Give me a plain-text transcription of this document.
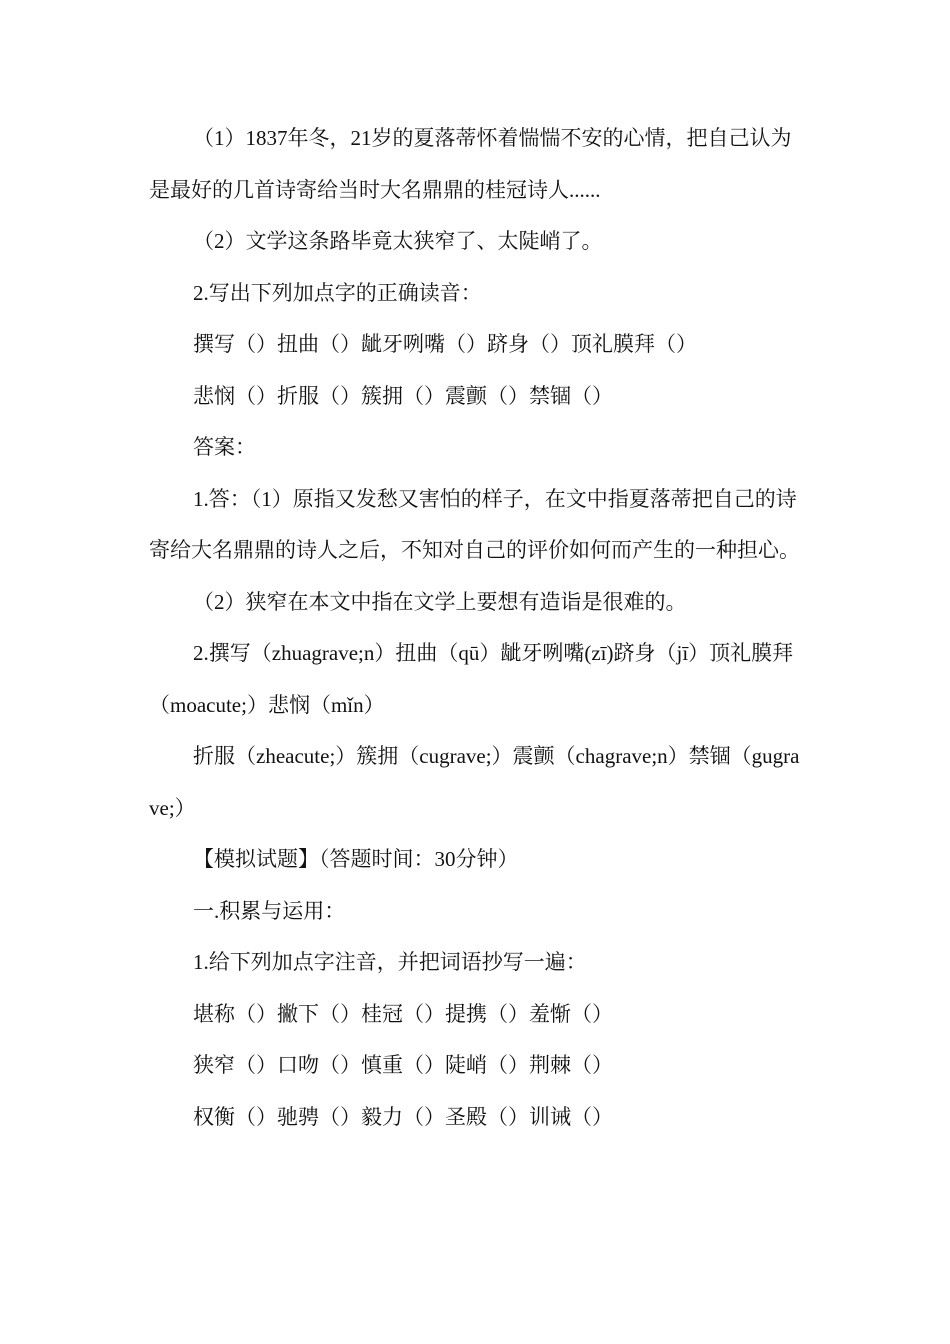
（1）1837年冬，21岁的夏落蒂怀着惴惴不安的心情，把自己认为是最好的几首诗寄给当时大名鼎鼎的桂冠诗人......

（2）文学这条路毕竟太狭窄了、太陡峭了。

2.写出下列加点字的正确读音：

撰写（）扭曲（）龇牙咧嘴（）跻身（）顶礼膜拜（）

悲悯（）折服（）簇拥（）震颤（）禁锢（）

答案：

1.答：（1）原指又发愁又害怕的样子，在文中指夏落蒂把自己的诗寄给大名鼎鼎的诗人之后，不知对自己的评价如何而产生的一种担心。

（2）狭窄在本文中指在文学上要想有造诣是很难的。

2.撰写（zhuagrave;n）扭曲（qū）龇牙咧嘴(zī)跻身（jī）顶礼膜拜（moacute;）悲悯（mǐn）

折服（zheacute;）簇拥（cugrave;）震颤（chagrave;n）禁锢（gugrave;）

【模拟试题】（答题时间：30分钟）

一.积累与运用：

1.给下列加点字注音，并把词语抄写一遍：

堪称（）撇下（）桂冠（）提携（）羞惭（）

狭窄（）口吻（）慎重（）陡峭（）荆棘（）

权衡（）驰骋（）毅力（）圣殿（）训诫（）
